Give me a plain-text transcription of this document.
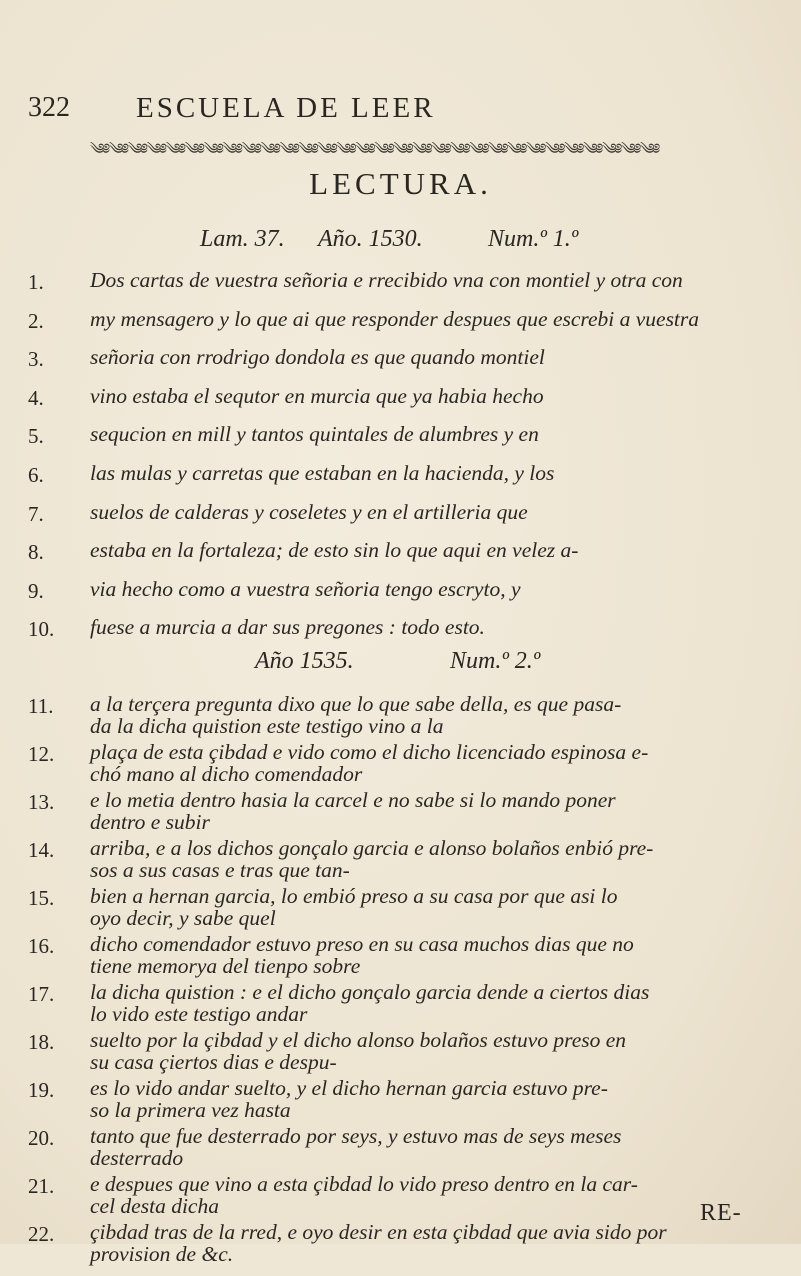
322 ESCUELA DE LEER
༄༅༄༅༄༅༄༅༄༅༄༅༄༅༄༅༄༅༄༅༄༅༄༅༄༅༄༅༄༅༄༅༄༅༄༅༄༅༄༅༄༅༄༅༄༅༄༅༄༅༄༅༄༅༄༅༄༅༄༅
LECTURA.
Lam. 37. Año. 1530.	Num.º 1.º
1.	Dos cartas de vuestra señoria e rrecibido vna con montiel y otra con
2.	my mensagero y lo que ai que responder despues que escrebi a vuestra
3.	señoria con rrodrigo dondola es que quando montiel
4.	vino estaba el sequtor en murcia que ya habia hecho
5.	sequcion en mill y tantos quintales de alumbres y en
6.	las mulas y carretas que estaban en la hacienda, y los
7.	suelos de calderas y coseletes y en el artilleria que
8.	estaba en la fortaleza; de esto sin lo que aqui en velez a-
9.	via hecho como a vuestra señoria tengo escryto, y
10.	fuese a murcia a dar sus pregones : todo esto.
Año 1535.	Num.º 2.º
11.	a la terçera pregunta dixo que lo que sabe della, es que pasa-
da la dicha quistion este testigo vino a la
12.	plaça de esta çibdad e vido como el dicho licenciado espinosa e-
chó mano al dicho comendador
13.	e lo metia dentro hasia la carcel e no sabe si lo mando poner
dentro e subir
14.	arriba, e a los dichos gonçalo garcia e alonso bolaños enbió pre-
sos a sus casas e tras que tan-
15.	bien a hernan garcia, lo embió preso a su casa por que asi lo
oyo decir, y sabe quel
16.	dicho comendador estuvo preso en su casa muchos dias que no
tiene memorya del tienpo sobre
17.	la dicha quistion : e el dicho gonçalo garcia dende a ciertos dias
lo vido este testigo andar
18.	suelto por la çibdad y el dicho alonso bolaños estuvo preso en
su casa çiertos dias e despu-
19.	es lo vido andar suelto, y el dicho hernan garcia estuvo pre-
so la primera vez hasta
20.	tanto que fue desterrado por seys, y estuvo mas de seys meses
desterrado
21.	e despues que vino a esta çibdad lo vido preso dentro en la car-
cel desta dicha
22.	çibdad tras de la rred, e oyo desir en esta çibdad que avia sido por
provision de &c.
RE-
